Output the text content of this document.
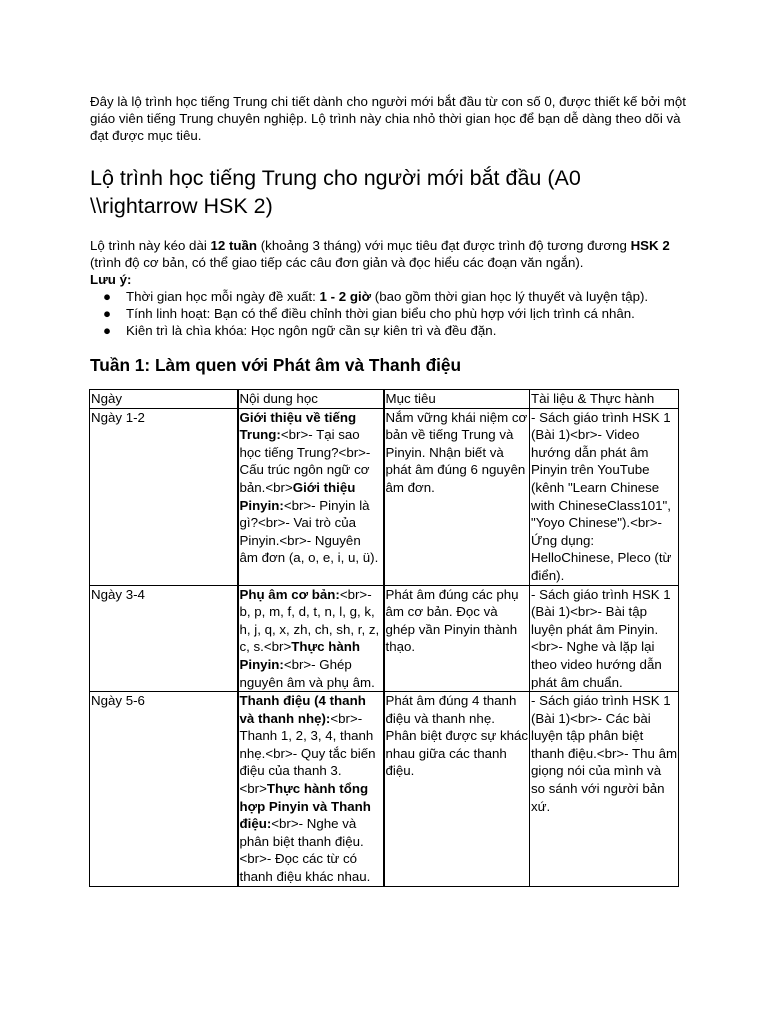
Đây là lộ trình học tiếng Trung chi tiết dành cho người mới bắt đầu từ con số 0, được thiết kế bởi một giáo viên tiếng Trung chuyên nghiệp. Lộ trình này chia nhỏ thời gian học để bạn dễ dàng theo dõi và đạt được mục tiêu.

Lộ trình học tiếng Trung cho người mới bắt đầu (A0 \\rightarrow HSK 2)

Lộ trình này kéo dài 12 tuần (khoảng 3 tháng) với mục tiêu đạt được trình độ tương đương HSK 2 (trình độ cơ bản, có thể giao tiếp các câu đơn giản và đọc hiểu các đoạn văn ngắn).

Lưu ý:

● Thời gian học mỗi ngày đề xuất: 1 - 2 giờ (bao gồm thời gian học lý thuyết và luyện tập).
● Tính linh hoạt: Bạn có thể điều chỉnh thời gian biểu cho phù hợp với lịch trình cá nhân.
● Kiên trì là chìa khóa: Học ngôn ngữ cần sự kiên trì và đều đặn.
Tuần 1: Làm quen với Phát âm và Thanh điệu
Ngày	Nội dung học	Mục tiêu	Tài liệu & Thực hành
Ngày 1-2	Giới thiệu về tiếng Trung:<br>- Tại sao học tiếng Trung?<br>- Cấu trúc ngôn ngữ cơ bản.<br>Giới thiệu Pinyin:<br>- Pinyin là gì?<br>- Vai trò của Pinyin.<br>- Nguyên âm đơn (a, o, e, i, u, ü).	Nắm vững khái niệm cơ bản về tiếng Trung và Pinyin. Nhận biết và phát âm đúng 6 nguyên âm đơn.	- Sách giáo trình HSK 1 (Bài 1)<br>- Video hướng dẫn phát âm Pinyin trên YouTube (kênh "Learn Chinese with ChineseClass101", "Yoyo Chinese").<br>- Ứng dụng: HelloChinese, Pleco (từ điển).
Ngày 3-4	Phụ âm cơ bản:<br>- b, p, m, f, d, t, n, l, g, k, h, j, q, x, zh, ch, sh, r, z, c, s.<br>Thực hành Pinyin:<br>- Ghép nguyên âm và phụ âm.	Phát âm đúng các phụ âm cơ bản. Đọc và ghép vần Pinyin thành thạo.	- Sách giáo trình HSK 1 (Bài 1)<br>- Bài tập luyện phát âm Pinyin.<br>- Nghe và lặp lại theo video hướng dẫn phát âm chuẩn.
Ngày 5-6	Thanh điệu (4 thanh và thanh nhẹ):<br>- Thanh 1, 2, 3, 4, thanh nhẹ.<br>- Quy tắc biến điệu của thanh 3.<br>Thực hành tổng hợp Pinyin và Thanh điệu:<br>- Nghe và phân biệt thanh điệu.<br>- Đọc các từ có thanh điệu khác nhau.	Phát âm đúng 4 thanh điệu và thanh nhẹ. Phân biệt được sự khác nhau giữa các thanh điệu.	- Sách giáo trình HSK 1 (Bài 1)<br>- Các bài luyện tập phân biệt thanh điệu.<br>- Thu âm giọng nói của mình và so sánh với người bản xứ.
